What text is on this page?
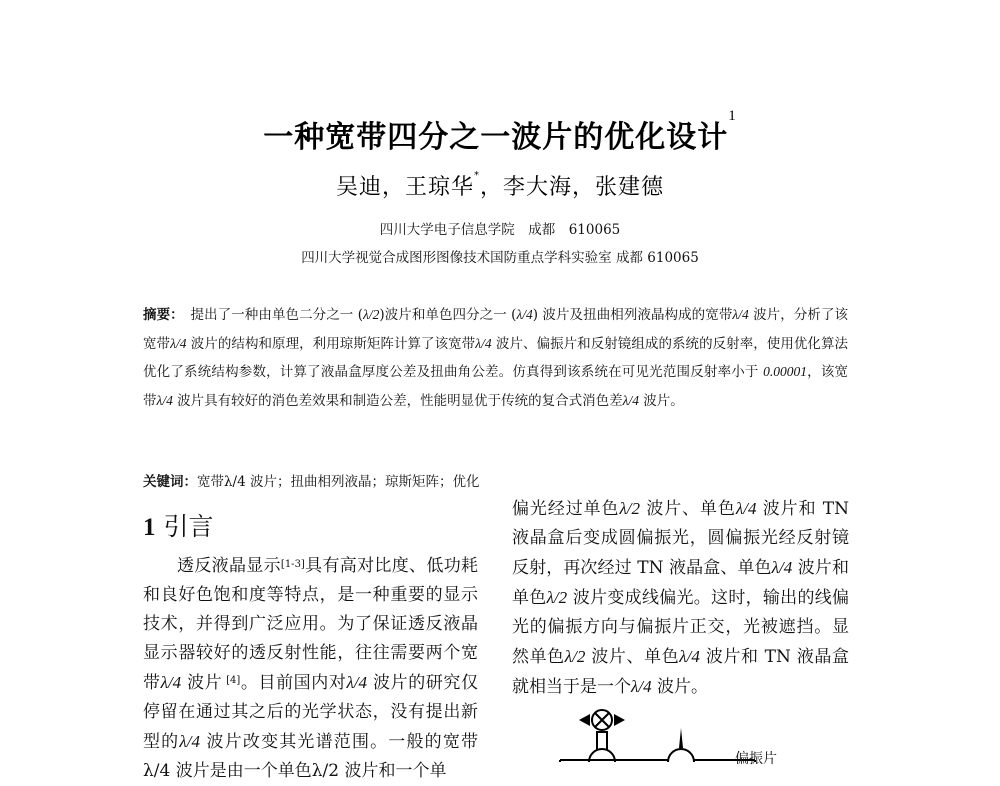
一种宽带四分之一波片的优化设计$^1$
吴迪，王琼华*，李大海，张建德
四川大学电子信息学院　成都　610065
四川大学视觉合成图形图像技术国防重点学科实验室 成都 610065
摘要：　提出了一种由单色二分之一 (λ/2)波片和单色四分之一 (λ/4) 波片及扭曲相列液晶构成的宽带λ/4 波片，分析了该宽带λ/4 波片的结构和原理，利用琼斯矩阵计算了该宽带λ/4 波片、偏振片和反射镜组成的系统的反射率，使用优化算法优化了系统结构参数，计算了液晶盒厚度公差及扭曲角公差。仿真得到该系统在可见光范围反射率小于 0.00001，该宽带λ/4 波片具有较好的消色差效果和制造公差，性能明显优于传统的复合式消色差λ/4 波片。
关键词：宽带λ/4 波片；扭曲相列液晶；琼斯矩阵；优化
1 引言
透反液晶显示[1-3]具有高对比度、低功耗和良好色饱和度等特点，是一种重要的显示技术，并得到广泛应用。为了保证透反液晶显示器较好的透反射性能，往往需要两个宽带λ/4 波片 [4]。目前国内对λ/4 波片的研究仅停留在通过其之后的光学状态，没有提出新型的λ/4 波片改变其光谱范围。一般的宽带λ/4 波片是由一个单色λ/2 波片和一个单
偏光经过单色λ/2 波片、单色λ/4 波片和 TN 液晶盒后变成圆偏振光，圆偏振光经反射镜反射，再次经过 TN 液晶盒、单色λ/4 波片和单色λ/2 波片变成线偏光。这时，输出的线偏光的偏振方向与偏振片正交，光被遮挡。显然单色λ/2 波片、单色λ/4 波片和 TN 液晶盒就相当于是一个λ/4 波片。
偏振片
